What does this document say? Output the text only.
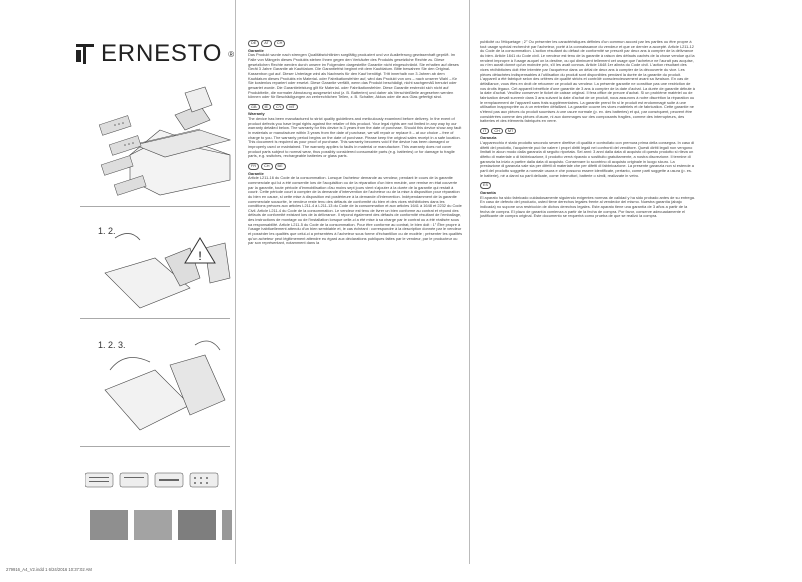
ERNESTO ®
1. 2.
!
1. 2. 3.
DE	AT	CH
Garantie

Das Produkt wurde nach strengen Qualitätsrichtlinien sorgfältig produziert und vor Auslieferung gewissenhaft geprüft. Im Falle von Mängeln dieses Produkts stehen Ihnen gegen den Verkäufer des Produkts gesetzliche Rechte zu. Diese gesetzlichen Rechte werden durch unsere im Folgenden dargestellte Garantie nicht eingeschränkt. Sie erhalten auf dieses Gerät 3 Jahre Garantie ab Kaufdatum. Die Garantiefrist beginnt mit dem Kaufdatum. Bitte bewahren Sie den Original-Kassenbon gut auf. Dieser Unterlage wird als Nachweis für den Kauf benötigt. Tritt innerhalb von 3 Jahren ab dem Kaufdatum dieses Produkts ein Material- oder Fabrikationsfehler auf, wird das Produkt von uns – nach unserer Wahl – für Sie kostenlos repariert oder ersetzt. Diese Garantie verfällt, wenn das Produkt beschädigt, nicht sachgemäß benutzt oder gewartet wurde. Die Garantieleistung gilt für Material- oder Fabrikationsfehler. Diese Garantie erstreckt sich nicht auf Produktteile, die normaler Abnutzung ausgesetzt sind (z. B. Batterien) und daher als Verschleißteile angesehen werden können oder für Beschädigungen an zerbrechlichen Teilen, z. B. Schalter, Akkus oder die aus Glas gefertigt sind.

GB	IE	CY	MT
Warranty

The device has been manufactured to strict quality guidelines and meticulously examined before delivery. In the event of product defects you have legal rights against the retailer of this product. Your legal rights are not limited in any way by our warranty detailed below. The warranty for this device is 3 years from the date of purchase. Should this device show any fault in materials or manufacture within 3 years from the date of purchase, we will repair or replace it – at our choice – free of charge to you. The warranty period begins on the date of purchase. Please keep the original sales receipt in a safe location. This document is required as your proof of purchase. This warranty becomes void if the device has been damaged or improperly used or maintained. The warranty applies to faults in material or manufacture. This warranty does not cover product parts subject to normal wear, thus possibly considered consumable parts (e.g. batteries) or for damage to fragile parts, e.g. switches, rechargeable batteries or glass parts.

FR	CH	BE
Garantie

Article L211-16 du Code de la consommation. Lorsque l'acheteur demande au vendeur, pendant le cours de la garantie commerciale qui lui a été consentie lors de l'acquisition ou de la réparation d'un bien meuble, une remise en état couverte par la garantie, toute période d'immobilisation d'au moins sept jours vient s'ajouter à la durée de la garantie qui restait à courir. Cette période court à compter de la demande d'intervention de l'acheteur ou de la mise à disposition pour réparation du bien en cause, si cette mise à disposition est postérieure à la demande d'intervention. Indépendamment de la garantie commerciale souscrite, le vendeur reste tenu des défauts de conformité du bien et des vices rédhibitoires dans les conditions prévues aux articles L211-4 à L211-13 du Code de la consommation et aux articles 1641 à 1648 et 2232 du Code Civil. Article L211-4 du Code de la consommation. Le vendeur est tenu de livrer un bien conforme au contrat et répond des défauts de conformité existant lors de la délivrance. Il répond également des défauts de conformité résultant de l'emballage, des instructions de montage ou de l'installation lorsque celle-ci a été mise à sa charge par le contrat ou a été réalisée sous sa responsabilité. Article L211-5 du Code de la consommation. Pour être conforme au contrat, le bien doit : 1° Être propre à l'usage habituellement attendu d'un bien semblable et, le cas échéant : correspondre à la description donnée par le vendeur et posséder les qualités que celui-ci a présentées à l'acheteur sous forme d'échantillon ou de modèle ; présenter les qualités qu'un acheteur peut légitimement attendre eu égard aux déclarations publiques faites par le vendeur, par le producteur ou par son représentant, notamment dans la

publicité ou l'étiquetage ; 2° Ou présenter les caractéristiques définies d'un commun accord par les parties ou être propre à tout usage spécial recherché par l'acheteur, porté à la connaissance du vendeur et que ce dernier a accepté. Article L211-12 du Code de la consommation. L'action résultant du défaut de conformité se prescrit par deux ans à compter de la délivrance du bien. Article 1641 du Code civil. Le vendeur est tenu de la garantie à raison des défauts cachés de la chose vendue qui la rendent impropre à l'usage auquel on la destine, ou qui diminuent tellement cet usage que l'acheteur ne l'aurait pas acquise, ou n'en aurait donné qu'un moindre prix, s'il les avait connus. Article 1648 1er alinéa du Code civil. L'action résultant des vices rédhibitoires doit être intentée par l'acquéreur dans un délai de deux ans à compter de la découverte du vice. Les pièces détachées indispensables à l'utilisation du produit sont disponibles pendant la durée de la garantie du produit. L'appareil a été fabriqué selon des critères de qualité stricts et contrôlé consciencieusement avant sa livraison. En cas de défaillance, vous êtes en droit de retourner ce produit au vendeur. La présente garantie ne constitue pas une restriction de vos droits légaux. Cet appareil bénéficie d'une garantie de 3 ans à compter de la date d'achat. La durée de garantie débute à la date d'achat. Veuillez conserver le ticket de caisse original. Il fera office de preuve d'achat. Si un problème matériel ou de fabrication devait survenir dans 3 ans suivant la date d'achat de ce produit, nous assurons à notre discrétion la réparation ou le remplacement de l'appareil sans frais supplémentaires. La garantie prend fin si le produit est endommagé suite à une utilisation inappropriée ou à un entretien défaillant. La garantie couvre les vices matériels et de fabrication. Cette garantie ne s'étend pas aux pièces du produit soumises à une usure normale (p. ex. des batteries) et qui, par conséquent, peuvent être considérées comme des pièces d'usure, ni aux dommages sur des composants fragiles, comme des interrupteurs, des batteries et des éléments fabriqués en verre.

IT	CH	MT
Garanzia

L'apparecchio è stato prodotto secondo severe direttive di qualità e controllato con premura prima della consegna. In caso di difetti del prodotto, l'acquirente può far valere i propri diritti legali nei confronti del venditore. Questi diritti legali non vengono limitati in alcun modo dalla garanzia di seguito riportata. Sei anni: 3 anni dalla data di acquisto di questo prodotto si rileva un difetto di materiale o di fabbricazione, il prodotto verrà riparato o sostituito gratuitamente, a nostra discrezione. Il termine di garanzia ha inizio a partire dalla data di acquisto. Conservare lo scontrino di acquisto originale in luogo sicuro. La prestazione di garanzia vale sia per difetti di materiale che per difetti di fabbricazione. La presente garanzia non si estende a parti del prodotto soggette a normale usura e che possono essere identificate, pertanto, come parti soggette a usura (p. es. le batterie), né a danni su parti delicate, come interruttori, batterie o simili, realizzate in vetro.

ES
Garantía

El aparato ha sido fabricado cuidadosamente siguiendo exigentes normas de calidad y ha sido probado antes de su entrega. En caso de defecto del producto, usted tiene derechos legales frente al vendedor del mismo. Nuestra garantía (abajo indicada) no supone una restricción de dichos derechos legales. Este aparato tiene una garantía de 3 años a partir de la fecha de compra. El plazo de garantía comienza a partir de la fecha de compra. Por favor, conserve adecuadamente el justificante de compra original. Este documento se requerirá como prueba de que se realizó la compra.

279916_A4_V2.indd 1 6/24/2016 10:37:02 AM
